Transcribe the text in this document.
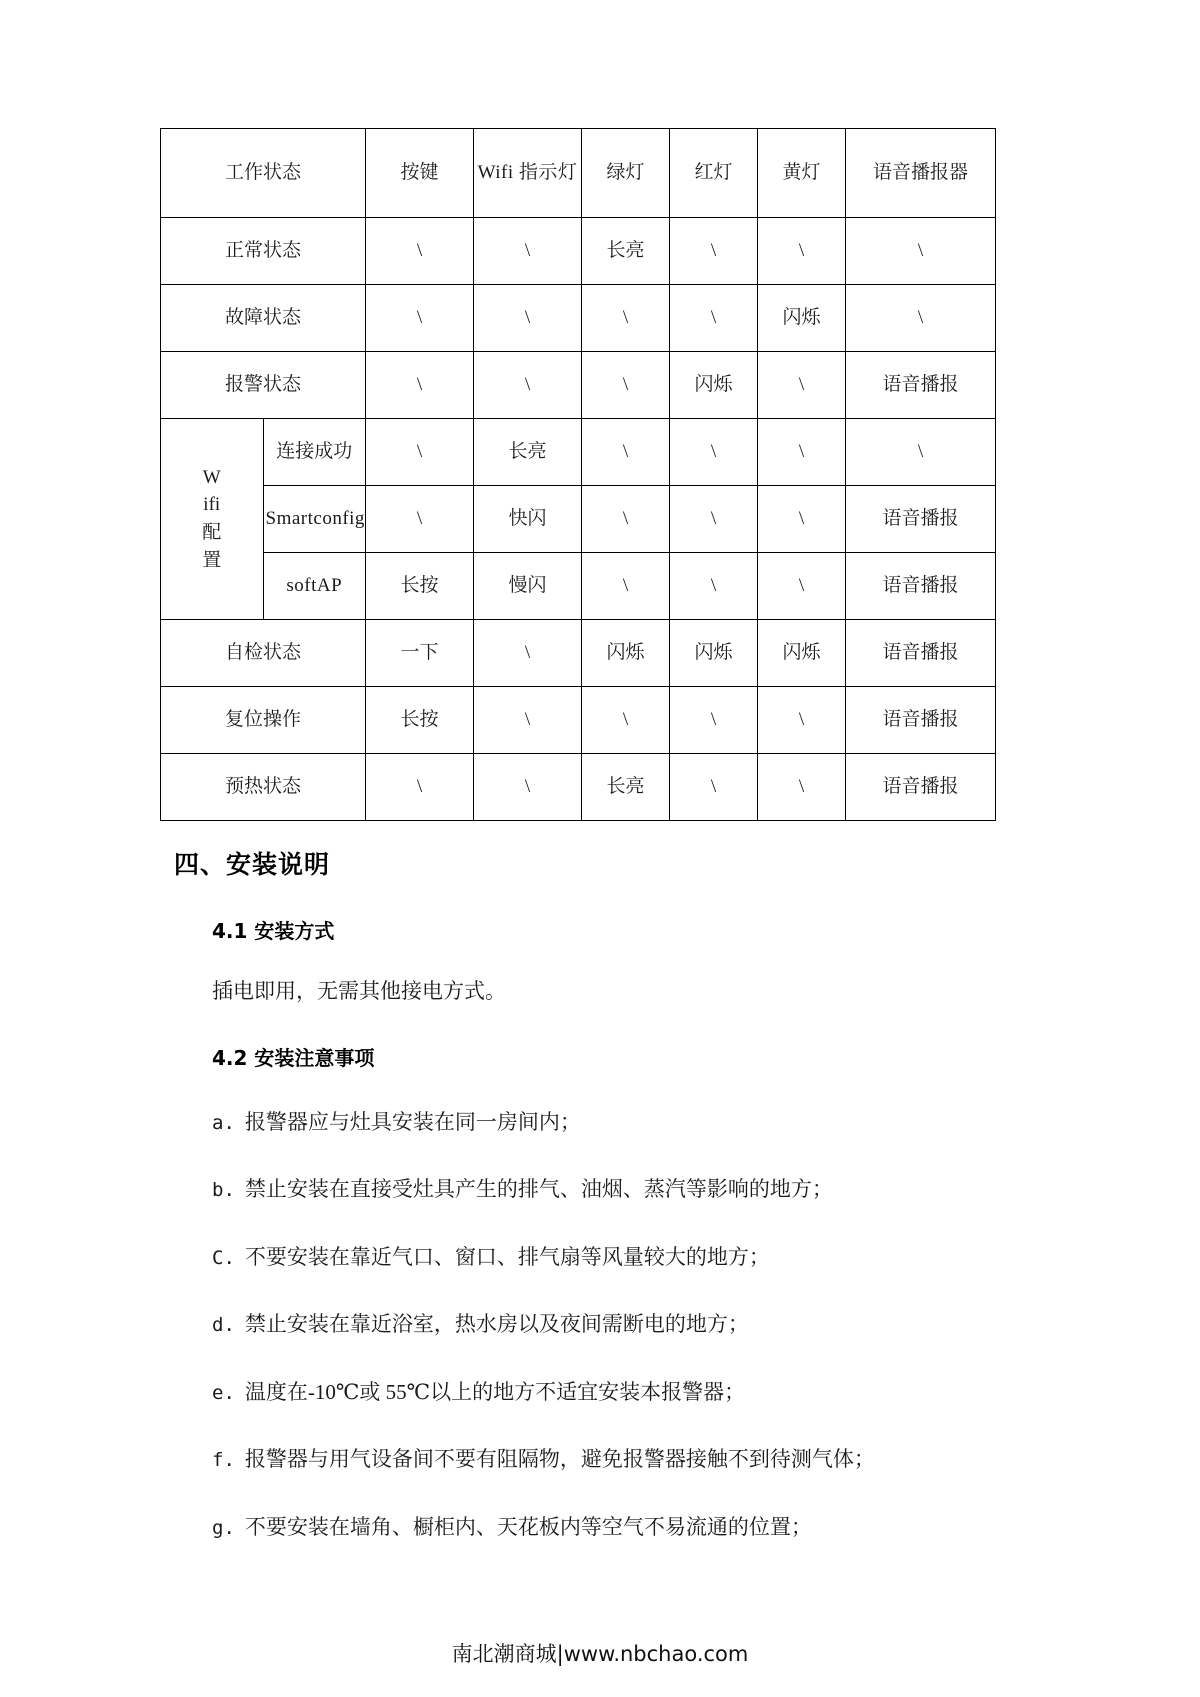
工作状态		按键	Wifi 指示灯	绿灯	红灯	黄灯	语音播报器
正常状态		\	\	长亮	\	\	\
故障状态		\	\	\	\	闪烁	\
报警状态		\	\	\	闪烁	\	语音播报

Wifi配置	连接成功	\	长亮	\	\	\	\
	Smartconfig	\	快闪	\	\	\	语音播报
	softAP	长按	慢闪	\	\	\	语音播报
自检状态		一下	\	闪烁	闪烁	闪烁	语音播报
复位操作		长按	\	\	\	\	语音播报
预热状态		\	\	长亮	\	\	语音播报
四、安装说明
4.1 安装方式

插电即用，无需其他接电方式。

4.2 安装注意事项
a. 报警器应与灶具安装在同一房间内；
b. 禁止安装在直接受灶具产生的排气、油烟、蒸汽等影响的地方；
C. 不要安装在靠近气口、窗口、排气扇等风量较大的地方；
d. 禁止安装在靠近浴室，热水房以及夜间需断电的地方；
e. 温度在-10℃或 55℃以上的地方不适宜安装本报警器；
f. 报警器与用气设备间不要有阻隔物，避免报警器接触不到待测气体；
g. 不要安装在墙角、橱柜内、天花板内等空气不易流通的位置；
南北潮商城|www.nbchao.com
